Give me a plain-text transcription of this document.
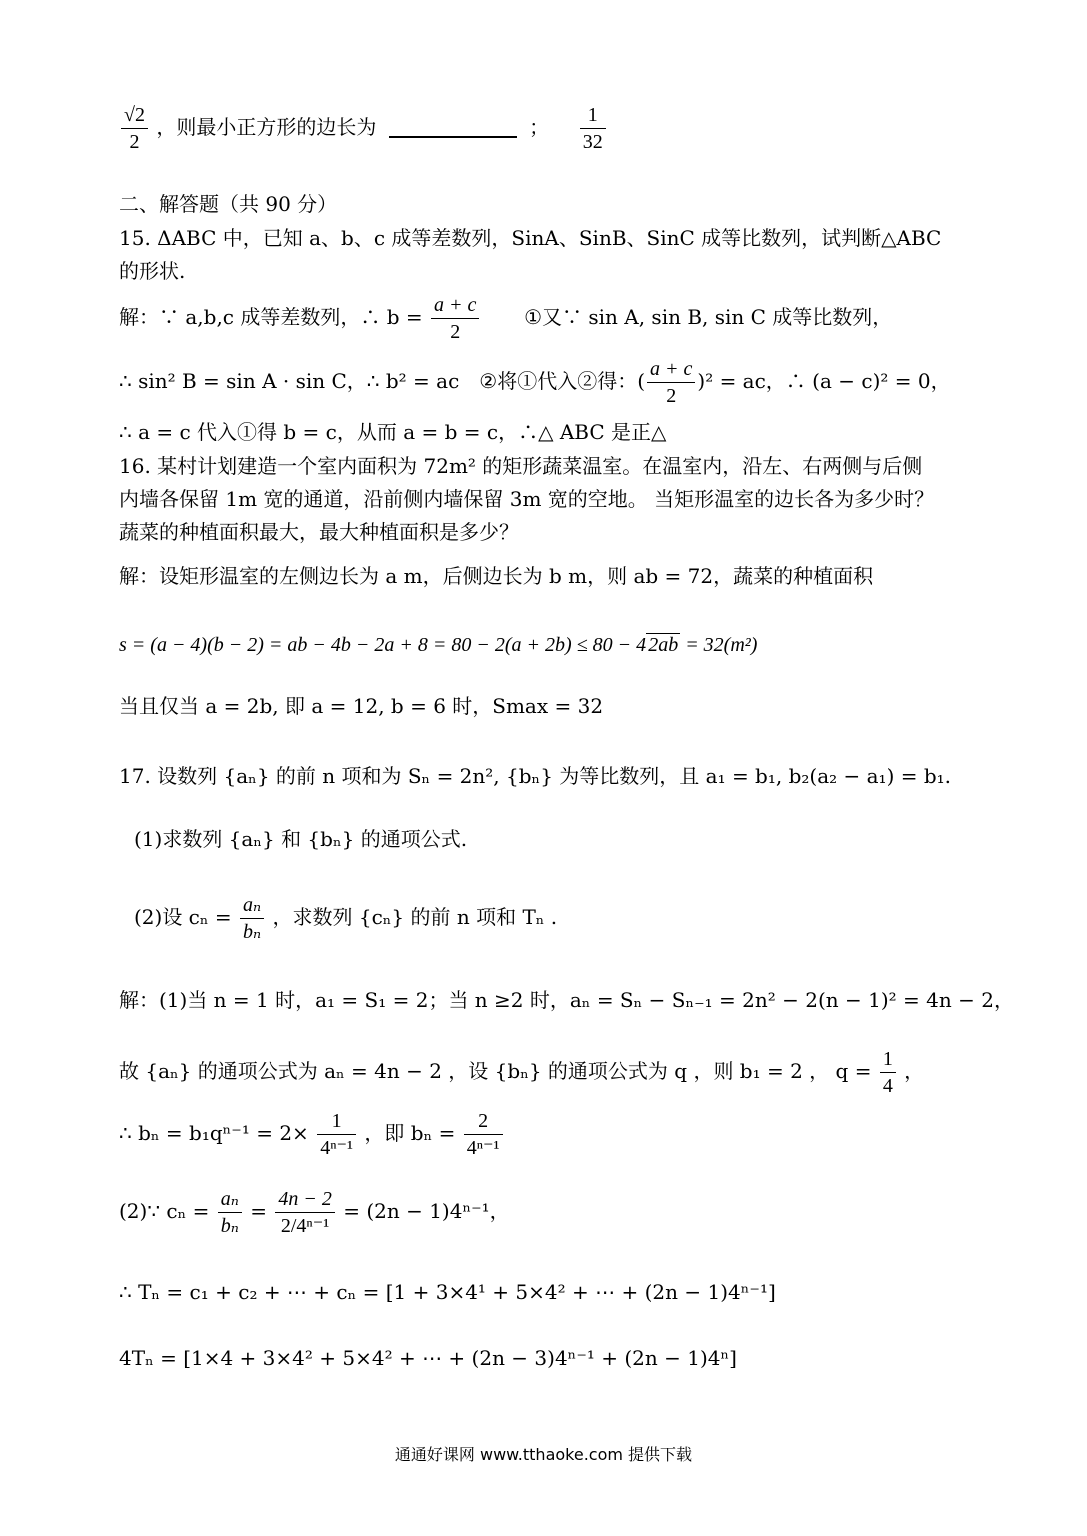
$\frac{√2}{2}$ ，则最小正方形的边长为	； $\frac{1}{32}$
二、解答题（共 90 分）
15. ΔABC 中，已知 a、b、c 成等差数列，SinA、SinB、SinC 成等比数列，试判断△ABC
的形状.
解：∵ a,b,c 成等差数列，∴ $b = \frac{a + c}{2}$ ①又∵ sin A, sin B, sin C 成等比数列，
∴ sin² B = sin A · sin C，∴ b² = ac　②将①代入②得：( $\frac{a + c}{2} )^2$ = ac，∴ (a − c)² = 0，
∴ a = c 代入①得 b = c，从而 a = b = c，∴△ ABC 是正△
16. 某村计划建造一个室内面积为 72m² 的矩形蔬菜温室。在温室内，沿左、右两侧与后侧
内墙各保留 1m 宽的通道，沿前侧内墙保留 3m 宽的空地。 当矩形温室的边长各为多少时？
蔬菜的种植面积最大，最大种植面积是多少？
解：设矩形温室的左侧边长为 a m，后侧边长为 b m，则 ab = 72，蔬菜的种植面积
s = (a − 4)(b − 2) = ab − 4b − 2a + 8 = 80 − 2(a + 2b) ≤ 80 − 4 2ab = 32(m²)
当且仅当 a = 2b, 即 a = 12, b = 6 时，Smax = 32
17. 设数列 {aₙ} 的前 n 项和为 Sₙ = 2n², {bₙ} 为等比数列，且 a₁ = b₁, b₂(a₂ − a₁) = b₁.
(1)求数列 {aₙ} 和 {bₙ} 的通项公式.
(2)设 $c_n = \frac{\text{aₙ}}{\text{bₙ}}$ ，求数列 {cₙ} 的前 n 项和 Tₙ .
解：(1)当 n = 1 时，a₁ = S₁ = 2；当 n ≥2 时，aₙ = Sₙ − Sₙ₋₁ = 2n² − 2(n − 1)² = 4n − 2，
故 {aₙ} 的通项公式为 aₙ = 4n − 2 ，设 {bₙ} 的通项公式为 q ，则 b₁ = 2 ， $q = \frac{1}{4}$ ，
∴ $b_n = b_1q^{n-1} = 2\times \frac{1}{\text{4ⁿ⁻¹}}$ ，即 $b_n = \frac{2}{\text{4ⁿ⁻¹}}$
(2)∵ $c_n = \frac{\text{aₙ}}{\text{bₙ}} = \frac{4n - 2}{\text{2/4ⁿ⁻¹}} = (2n - 1)4^{n-1}$，
∴ Tₙ = c₁ + c₂ + ⋯ + cₙ = [1 + 3×4¹ + 5×4² + ⋯ + (2n − 1)4ⁿ⁻¹]
4Tₙ = [1×4 + 3×4² + 5×4² + ⋯ + (2n − 3)4ⁿ⁻¹ + (2n − 1)4ⁿ]
通通好课网 www.tthaoke.com 提供下载
